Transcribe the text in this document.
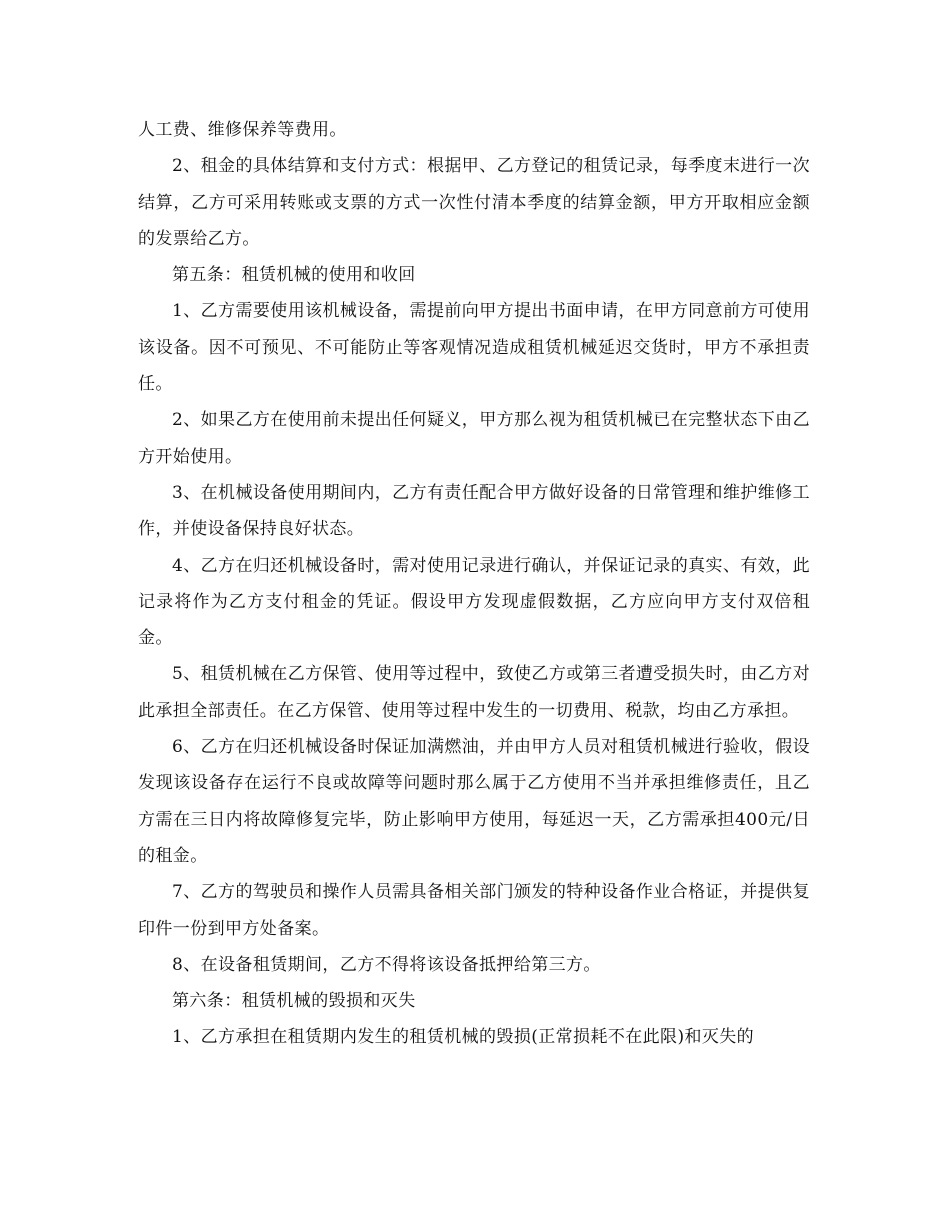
人工费、维修保养等费用。

2、租金的具体结算和支付方式：根据甲、乙方登记的租赁记录，每季度末进行一次结算，乙方可采用转账或支票的方式一次性付清本季度的结算金额，甲方开取相应金额的发票给乙方。

第五条：租赁机械的使用和收回

1、乙方需要使用该机械设备，需提前向甲方提出书面申请，在甲方同意前方可使用该设备。因不可预见、不可能防止等客观情况造成租赁机械延迟交货时，甲方不承担责任。

2、如果乙方在使用前未提出任何疑义，甲方那么视为租赁机械已在完整状态下由乙方开始使用。

3、在机械设备使用期间内，乙方有责任配合甲方做好设备的日常管理和维护维修工作，并使设备保持良好状态。

4、乙方在归还机械设备时，需对使用记录进行确认，并保证记录的真实、有效，此记录将作为乙方支付租金的凭证。假设甲方发现虚假数据，乙方应向甲方支付双倍租金。

5、租赁机械在乙方保管、使用等过程中，致使乙方或第三者遭受损失时，由乙方对此承担全部责任。在乙方保管、使用等过程中发生的一切费用、税款，均由乙方承担。

6、乙方在归还机械设备时保证加满燃油，并由甲方人员对租赁机械进行验收，假设发现该设备存在运行不良或故障等问题时那么属于乙方使用不当并承担维修责任，且乙方需在三日内将故障修复完毕，防止影响甲方使用，每延迟一天，乙方需承担400元/日的租金。

7、乙方的驾驶员和操作人员需具备相关部门颁发的特种设备作业合格证，并提供复印件一份到甲方处备案。

8、在设备租赁期间，乙方不得将该设备抵押给第三方。

第六条：租赁机械的毁损和灭失

1、乙方承担在租赁期内发生的租赁机械的毁损(正常损耗不在此限)和灭失的
